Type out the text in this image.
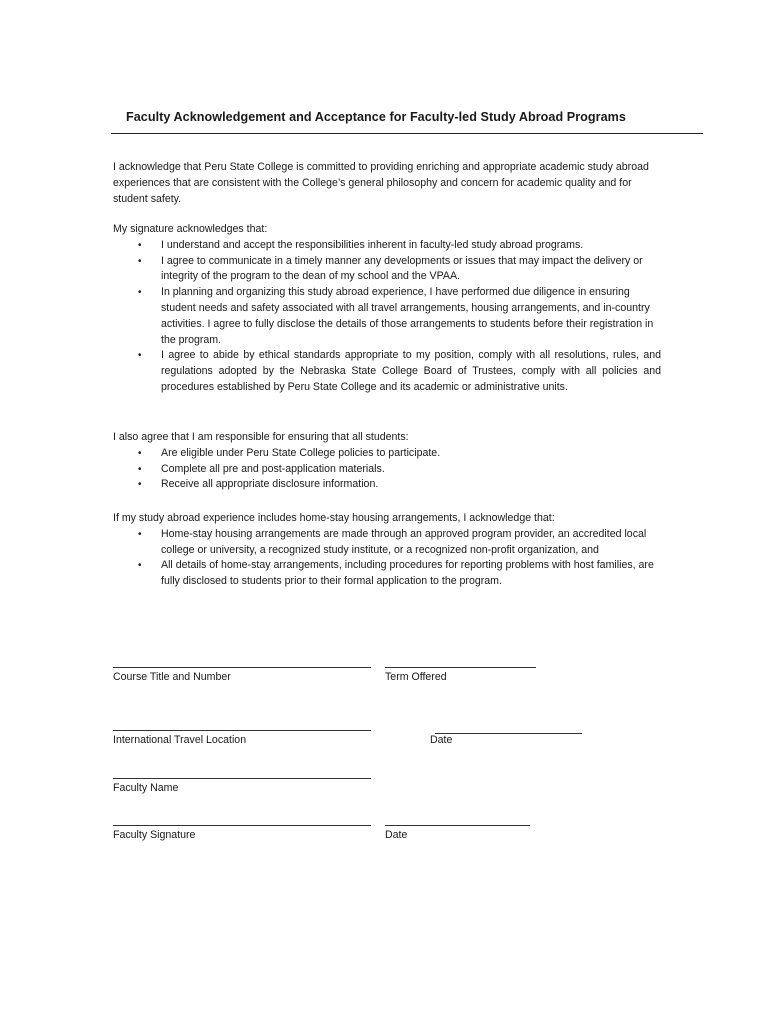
Faculty Acknowledgement and Acceptance for Faculty-led Study Abroad Programs

I acknowledge that Peru State College is committed to providing enriching and appropriate academic study abroad experiences that are consistent with the College’s general philosophy and concern for academic quality and for student safety.

My signature acknowledges that:

• I understand and accept the responsibilities inherent in faculty-led study abroad programs.
• I agree to communicate in a timely manner any developments or issues that may impact the delivery or integrity of the program to the dean of my school and the VPAA.
• In planning and organizing this study abroad experience, I have performed due diligence in ensuring student needs and safety associated with all travel arrangements, housing arrangements, and in-country activities. I agree to fully disclose the details of those arrangements to students before their registration in the program.
• I agree to abide by ethical standards appropriate to my position, comply with all resolutions, rules, and regulations adopted by the Nebraska State College Board of Trustees, comply with all policies and procedures established by Peru State College and its academic or administrative units.

I also agree that I am responsible for ensuring that all students:

• Are eligible under Peru State College policies to participate.
• Complete all pre and post-application materials.
• Receive all appropriate disclosure information.

If my study abroad experience includes home-stay housing arrangements, I acknowledge that:

• Home-stay housing arrangements are made through an approved program provider, an accredited local college or university, a recognized study institute, or a recognized non-profit organization, and
• All details of home-stay arrangements, including procedures for reporting problems with host families, are fully disclosed to students prior to their formal application to the program.
Course Title and Number	Term Offered
International Travel Location	Date
Faculty Name
Faculty Signature	Date
